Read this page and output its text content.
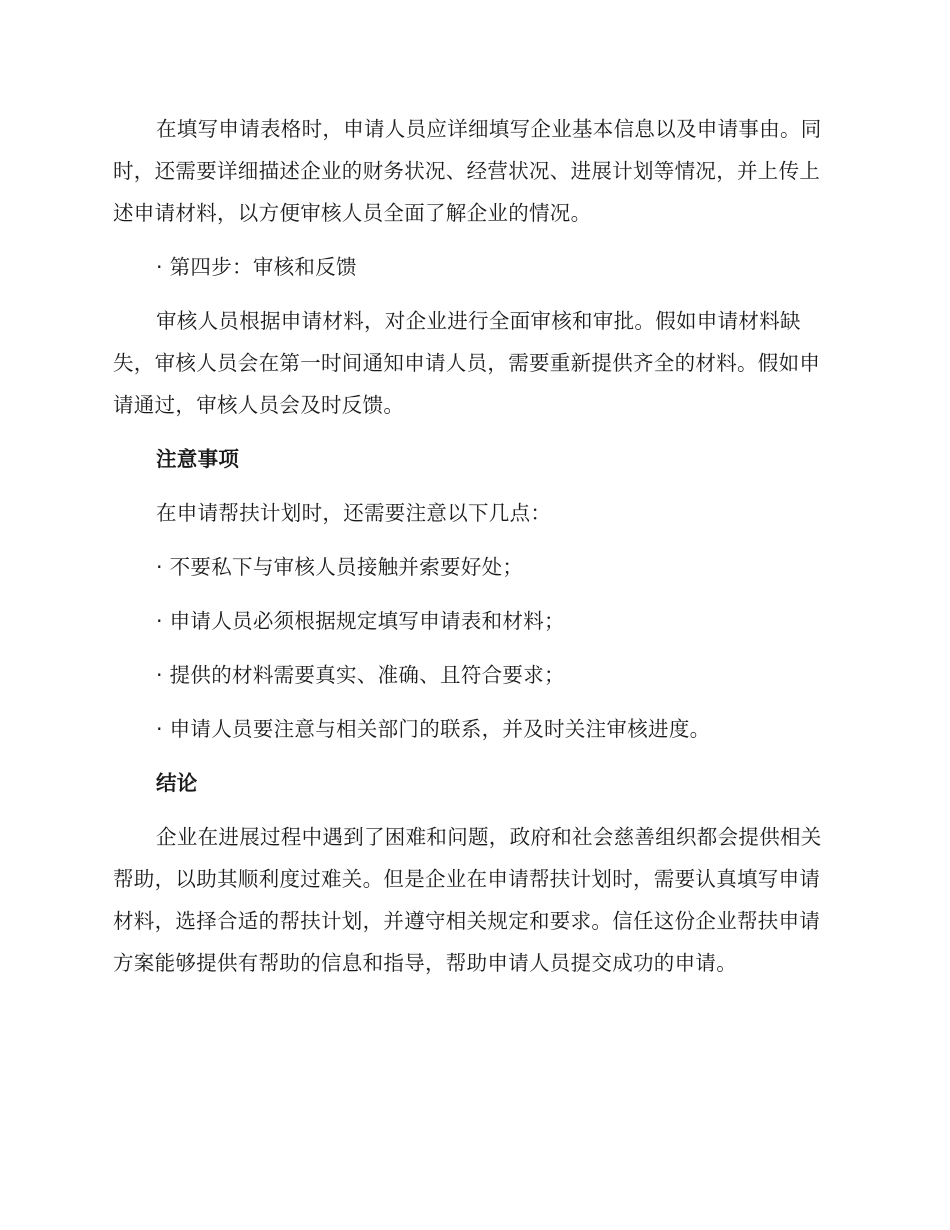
在填写申请表格时，申请人员应详细填写企业基本信息以及申请事由。同时，还需要详细描述企业的财务状况、经营状况、进展计划等情况，并上传上述申请材料，以方便审核人员全面了解企业的情况。

· 第四步：审核和反馈

审核人员根据申请材料，对企业进行全面审核和审批。假如申请材料缺失，审核人员会在第一时间通知申请人员，需要重新提供齐全的材料。假如申请通过，审核人员会及时反馈。

注意事项

在申请帮扶计划时，还需要注意以下几点：

· 不要私下与审核人员接触并索要好处；

· 申请人员必须根据规定填写申请表和材料；

· 提供的材料需要真实、准确、且符合要求；

· 申请人员要注意与相关部门的联系，并及时关注审核进度。

结论

企业在进展过程中遇到了困难和问题，政府和社会慈善组织都会提供相关帮助，以助其顺利度过难关。但是企业在申请帮扶计划时，需要认真填写申请材料，选择合适的帮扶计划，并遵守相关规定和要求。信任这份企业帮扶申请方案能够提供有帮助的信息和指导，帮助申请人员提交成功的申请。
